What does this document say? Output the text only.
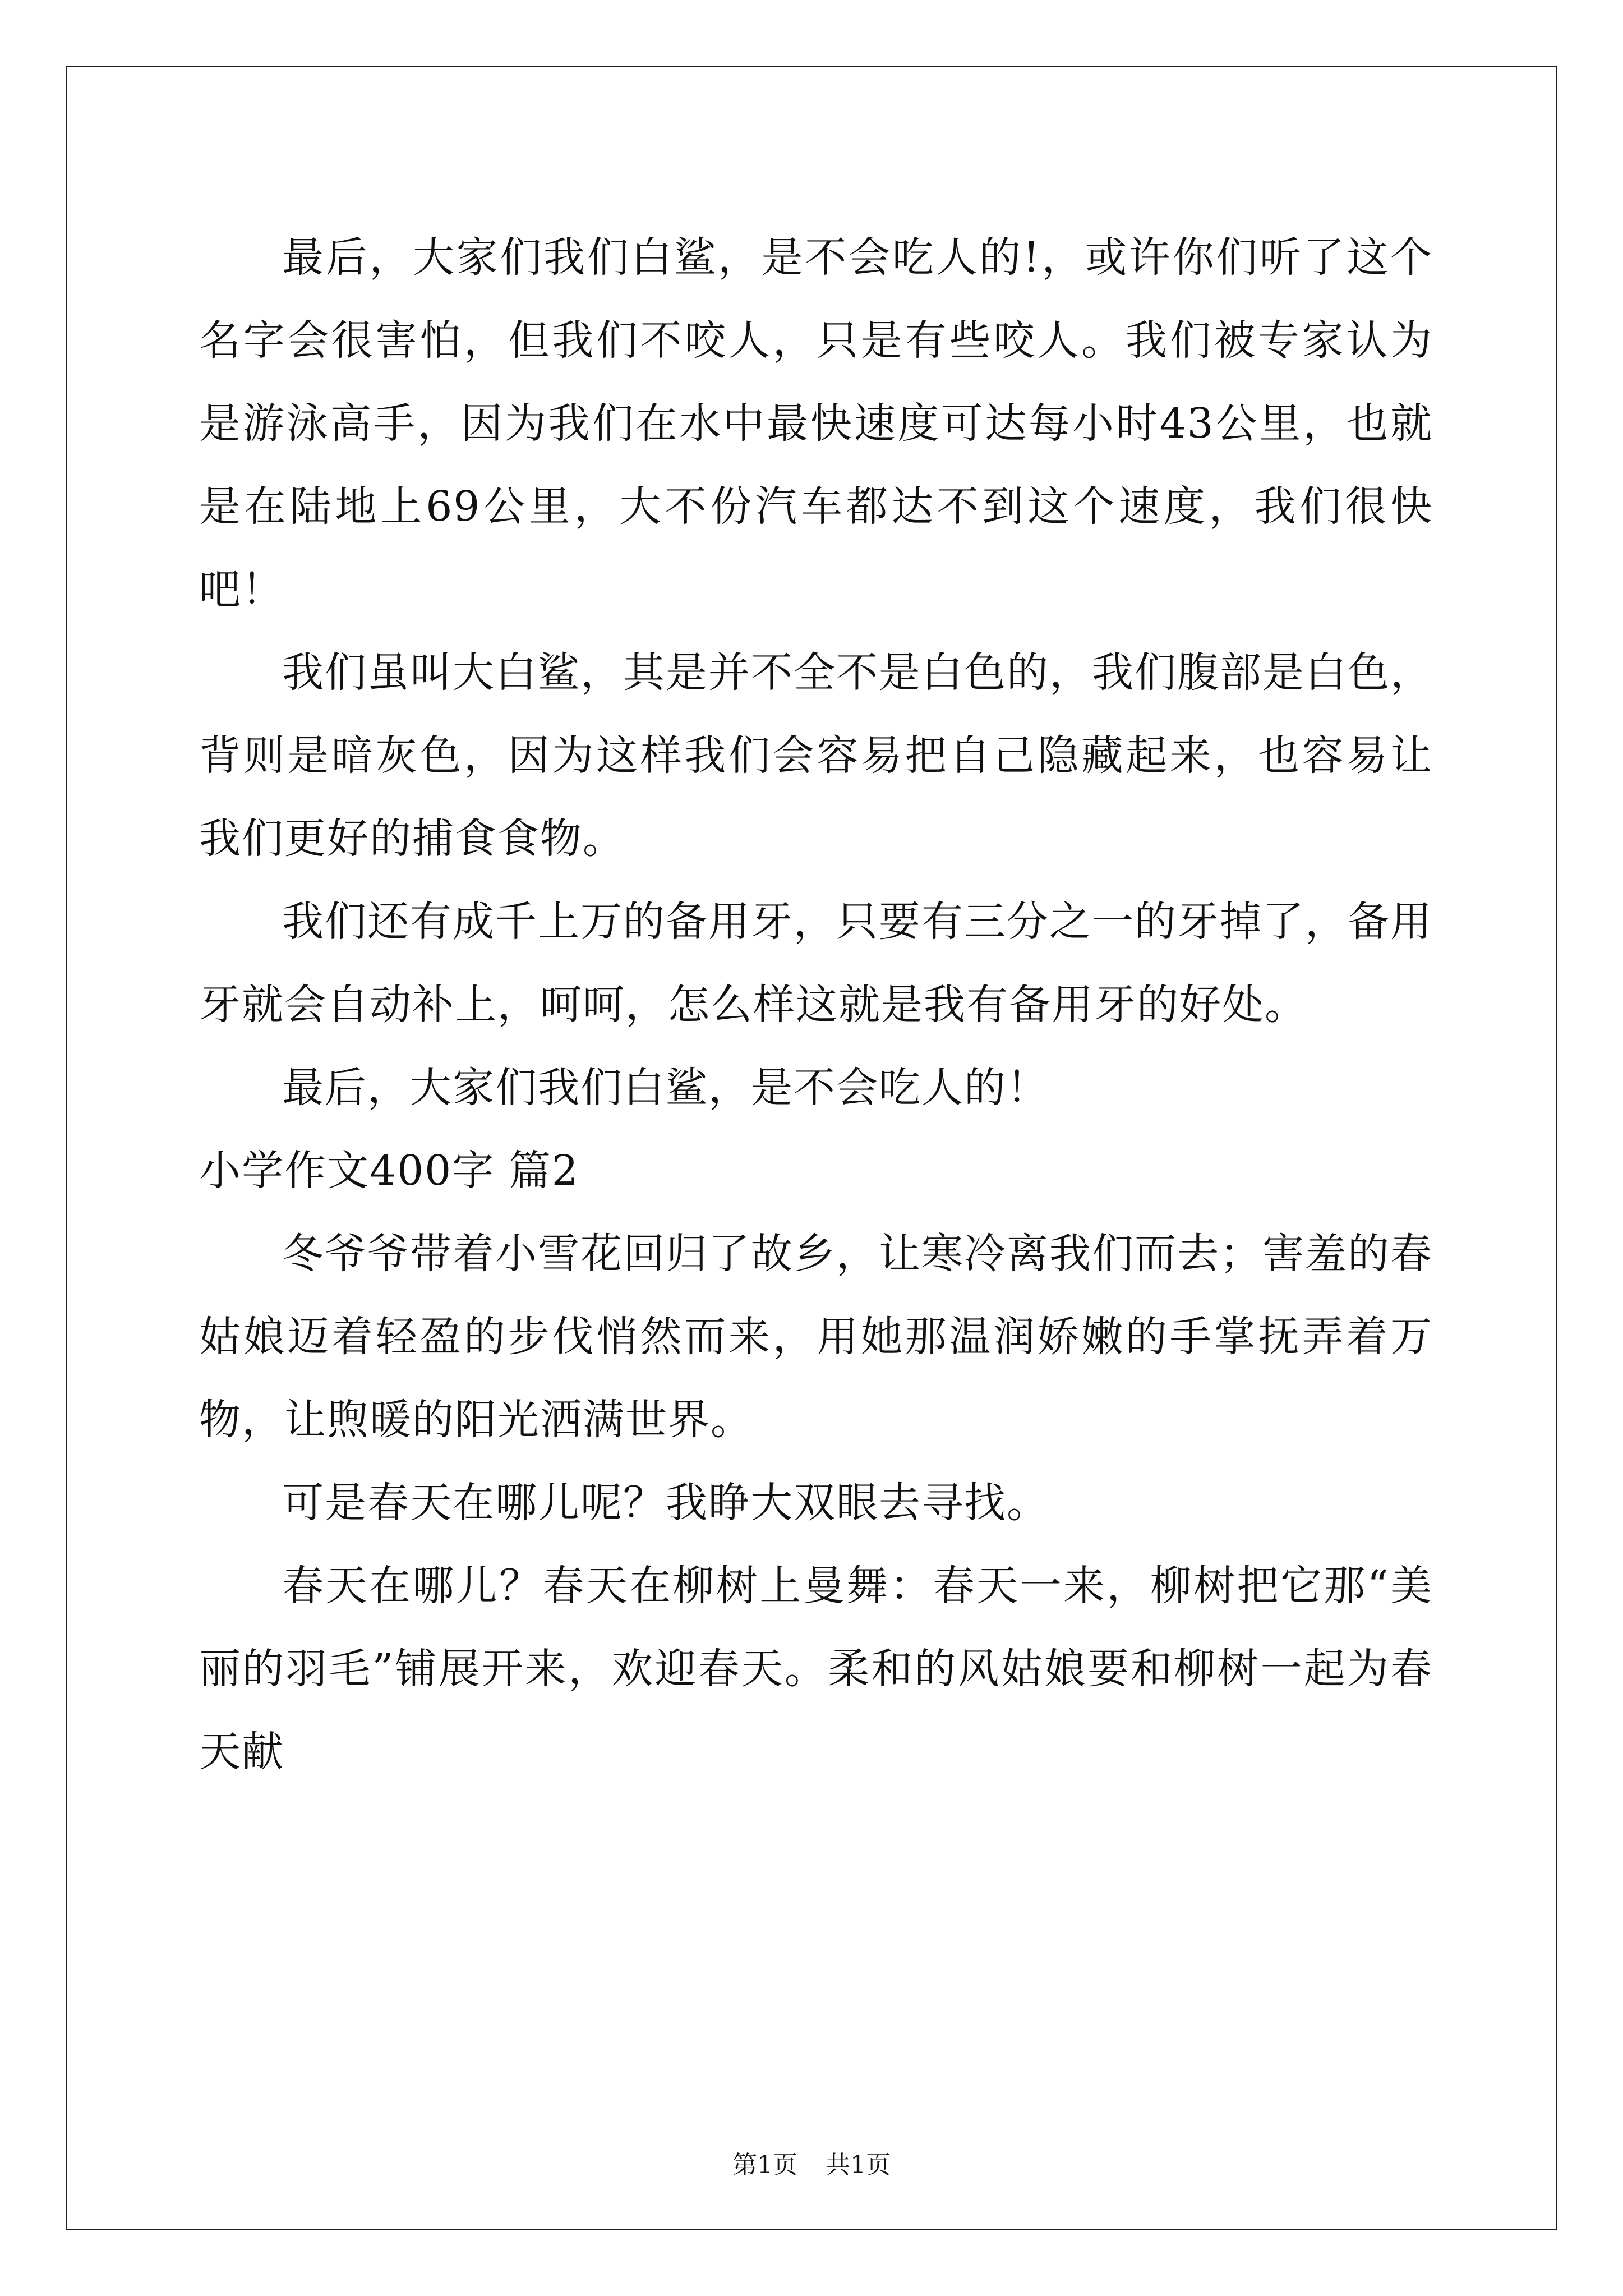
最后，大家们我们白鲨，是不会吃人的!，或许你们听了这个名字会很害怕，但我们不咬人，只是有些咬人。我们被专家认为是游泳高手，因为我们在水中最快速度可达每小时43公里，也就是在陆地上69公里，大不份汽车都达不到这个速度，我们很快吧！

我们虽叫大白鲨，其是并不全不是白色的，我们腹部是白色，背则是暗灰色，因为这样我们会容易把自己隐藏起来，也容易让我们更好的捕食食物。

我们还有成千上万的备用牙，只要有三分之一的牙掉了，备用牙就会自动补上，呵呵，怎么样这就是我有备用牙的好处。

最后，大家们我们白鲨，是不会吃人的！

小学作文400字 篇2

冬爷爷带着小雪花回归了故乡，让寒冷离我们而去；害羞的春姑娘迈着轻盈的步伐悄然而来，用她那温润娇嫩的手掌抚弄着万物，让煦暖的阳光洒满世界。

可是春天在哪儿呢？我睁大双眼去寻找。

春天在哪儿？春天在柳树上曼舞：春天一来，柳树把它那“美丽的羽毛”铺展开来，欢迎春天。柔和的风姑娘要和柳树一起为春天献

第1页 共1页
